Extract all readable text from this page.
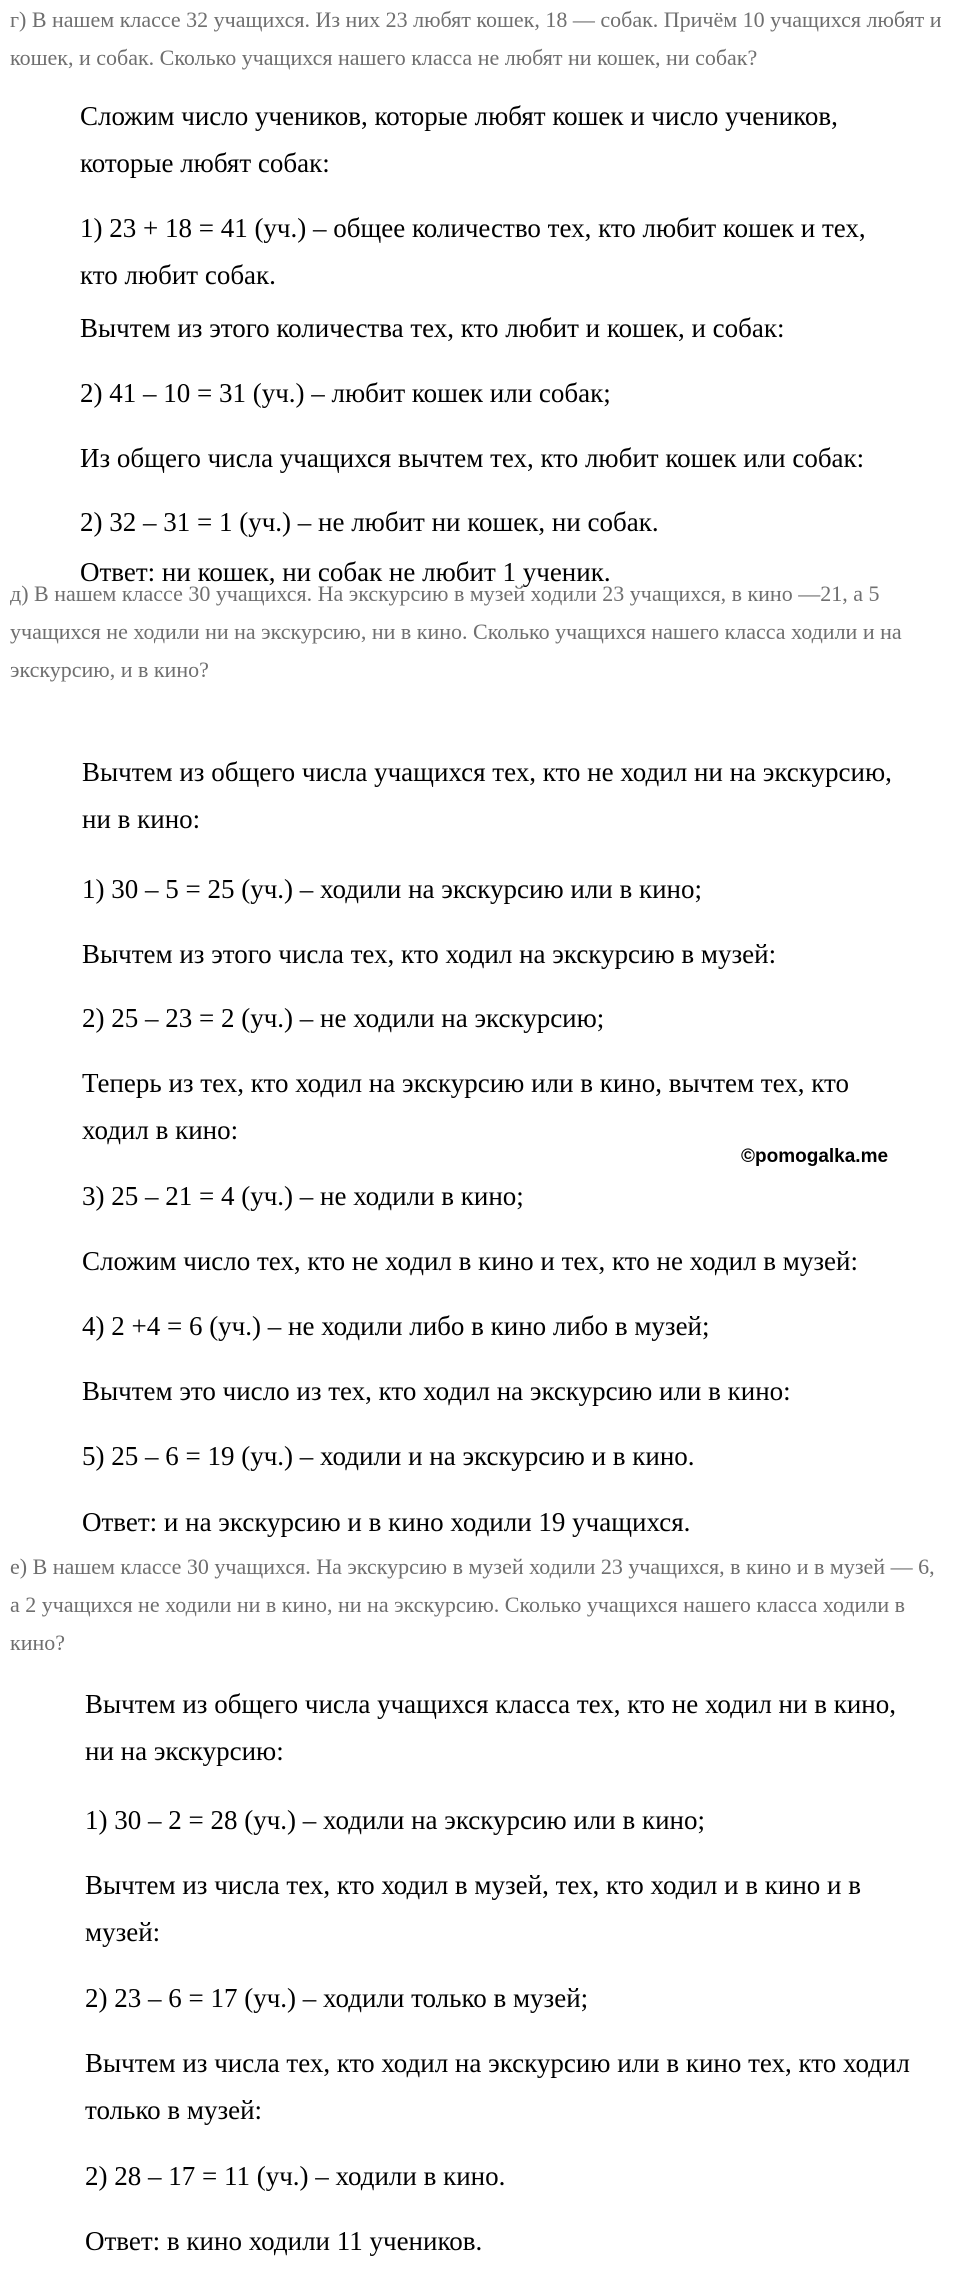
г) В нашем классе 32 учащихся. Из них 23 любят кошек, 18 — собак. Причём 10 учащихся любят и кошек, и собак. Сколько учащихся нашего класса не любят ни кошек, ни собак?

Сложим число учеников, которые любят кошек и число учеников,
которые любят собак:
1) 23 + 18 = 41 (уч.) – общее количество тех, кто любит кошек и тех,
кто любит собак.
Вычтем из этого количества тех, кто любит и кошек, и собак:
2) 41 – 10 = 31 (уч.) – любит кошек или собак;
Из общего числа учащихся вычтем тех, кто любит кошек или собак:
2) 32 – 31 = 1 (уч.) – не любит ни кошек, ни собак.
Ответ: ни кошек, ни собак не любит 1 ученик.

д) В нашем классе 30 учащихся. На экскурсию в музей ходили 23 учащихся, в кино —21, а 5 учащихся не ходили ни на экскурсию, ни в кино. Сколько учащихся нашего класса ходили и на экскурсию, и в кино?

Вычтем из общего числа учащихся тех, кто не ходил ни на экскурсию,
ни в кино:
1) 30 – 5 = 25 (уч.) – ходили на экскурсию или в кино;
Вычтем из этого числа тех, кто ходил на экскурсию в музей:
2) 25 – 23 = 2 (уч.) – не ходили на экскурсию;
Теперь из тех, кто ходил на экскурсию или в кино, вычтем тех, кто
ходил в кино:
©pomogalka.me
3) 25 – 21 = 4 (уч.) – не ходили в кино;
Сложим число тех, кто не ходил в кино и тех, кто не ходил в музей:
4) 2 +4 = 6 (уч.) – не ходили либо в кино либо в музей;
Вычтем это число из тех, кто ходил на экскурсию или в кино:
5) 25 – 6 = 19 (уч.) – ходили и на экскурсию и в кино.
Ответ: и на экскурсию и в кино ходили 19 учащихся.

е) В нашем классе 30 учащихся. На экскурсию в музей ходили 23 учащихся, в кино и в музей — 6, а 2 учащихся не ходили ни в кино, ни на экскурсию. Сколько учащихся нашего класса ходили в кино?

Вычтем из общего числа учащихся класса тех, кто не ходил ни в кино,
ни на экскурсию:
1) 30 – 2 = 28 (уч.) – ходили на экскурсию или в кино;
Вычтем из числа тех, кто ходил в музей, тех, кто ходил и в кино и в
музей:
2) 23 – 6 = 17 (уч.) – ходили только в музей;
Вычтем из числа тех, кто ходил на экскурсию или в кино тех, кто ходил
только в музей:
2) 28 – 17 = 11 (уч.) – ходили в кино.
Ответ: в кино ходили 11 учеников.
